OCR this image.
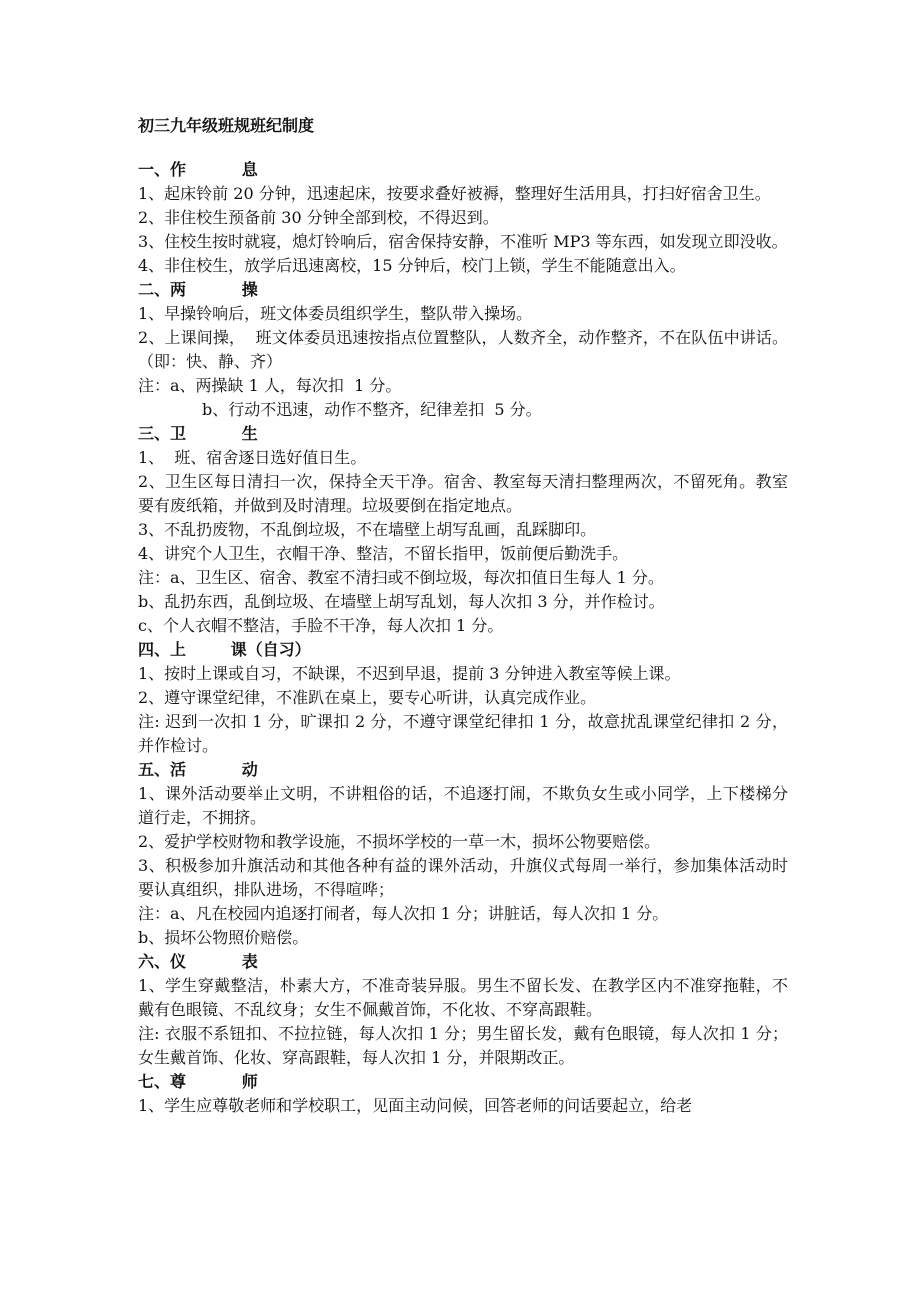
初三九年级班规班纪制度
一、作          息
1、起床铃前 20 分钟，迅速起床，按要求叠好被褥，整理好生活用具，打扫好宿舍卫生。
2、非住校生预备前 30 分钟全部到校，不得迟到。
3、住校生按时就寝，熄灯铃响后，宿舍保持安静，不准听 MP3 等东西，如发现立即没收。
4、非住校生，放学后迅速离校，15 分钟后，校门上锁，学生不能随意出入。
二、两          操
1、早操铃响后，班文体委员组织学生，整队带入操场。
2、上课间操，  班文体委员迅速按指点位置整队，人数齐全，动作整齐，不在队伍中讲话。（即：快、静、齐）
注：a、两操缺 1 人，每次扣  1 分。
b、行动不迅速，动作不整齐，纪律差扣  5 分。
三、卫          生
1、  班、宿舍逐日选好值日生。
2、卫生区每日清扫一次，保持全天干净。宿舍、教室每天清扫整理两次，不留死角。教室要有废纸箱，并做到及时清理。垃圾要倒在指定地点。
3、不乱扔废物，不乱倒垃圾，不在墙壁上胡写乱画，乱踩脚印。
4、讲究个人卫生，衣帽干净、整洁，不留长指甲，饭前便后勤洗手。
注：a、卫生区、宿舍、教室不清扫或不倒垃圾，每次扣值日生每人 1 分。
b、乱扔东西，乱倒垃圾、在墙壁上胡写乱划，每人次扣 3 分，并作检讨。
c、个人衣帽不整洁，手脸不干净，每人次扣 1 分。
四、上        课（自习）
1、按时上课或自习，不缺课，不迟到早退，提前 3 分钟进入教室等候上课。
2、遵守课堂纪律，不准趴在桌上，要专心听讲，认真完成作业。
注: 迟到一次扣 1 分，旷课扣 2 分，不遵守课堂纪律扣 1 分，故意扰乱课堂纪律扣 2 分，并作检讨。
五、活          动
1、课外活动要举止文明，不讲粗俗的话，不追逐打闹，不欺负女生或小同学，上下楼梯分道行走，不拥挤。
2、爱护学校财物和教学设施，不损坏学校的一草一木，损坏公物要赔偿。
3、积极参加升旗活动和其他各种有益的课外活动，升旗仪式每周一举行，参加集体活动时要认真组织，排队进场，不得喧哗；
注：a、凡在校园内追逐打闹者，每人次扣 1 分；讲脏话，每人次扣 1 分。
b、损坏公物照价赔偿。
六、仪          表
1、学生穿戴整洁，朴素大方，不准奇装异服。男生不留长发、在教学区内不准穿拖鞋，不戴有色眼镜、不乱纹身；女生不佩戴首饰，不化妆、不穿高跟鞋。
注: 衣服不系钮扣、不拉拉链，每人次扣 1 分；男生留长发，戴有色眼镜，每人次扣 1 分；女生戴首饰、化妆、穿高跟鞋，每人次扣 1 分，并限期改正。
七、尊          师
1、学生应尊敬老师和学校职工，见面主动问候，回答老师的问话要起立，给老
